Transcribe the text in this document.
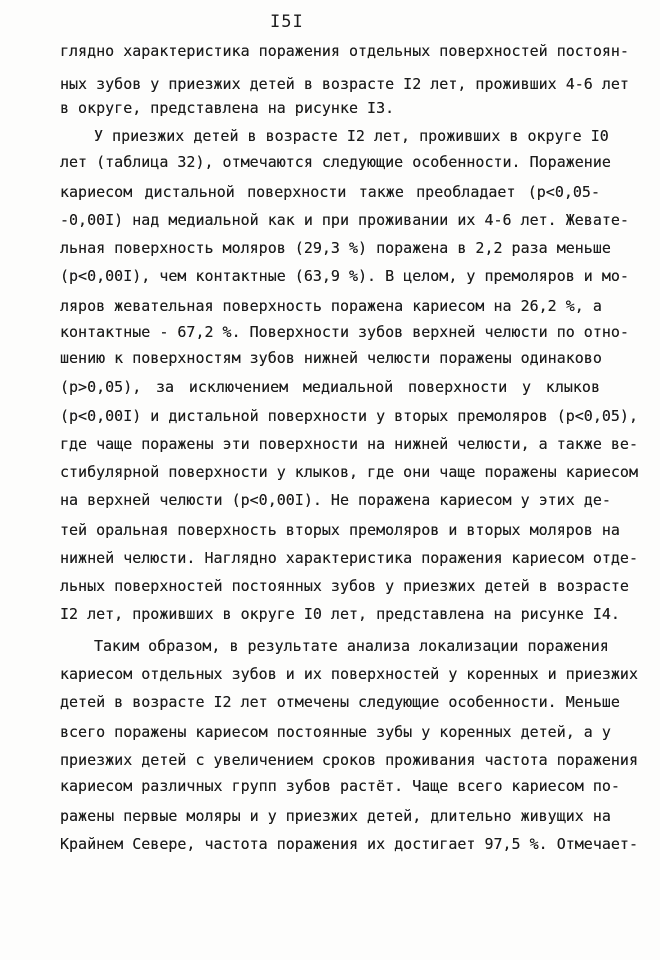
I5I
глядно характеристика поражения отдельных поверхностей постоян-
ных зубов у приезжих детей в возрасте I2 лет, проживших 4-6 лет
в округе, представлена на рисунке I3.
У приезжих детей в возрасте I2 лет, проживших в округе I0
лет (таблица 32), отмечаются следующие особенности. Поражение
кариесом дистальной поверхности также преобладает (р<0,05-
-0,00I) над медиальной как и при проживании их 4-6 лет. Жевате-
льная поверхность моляров (29,3 %) поражена в 2,2 раза меньше
(р<0,00I), чем контактные (63,9 %). В целом, у премоляров и мо-
ляров жевательная поверхность поражена кариесом на 26,2 %, а
контактные - 67,2 %. Поверхности зубов верхней челюсти по отно-
шению к поверхностям зубов нижней челюсти поражены одинаково
(р>0,05), за исключением медиальной поверхности у клыков
(р<0,00I) и дистальной поверхности у вторых премоляров (р<0,05),
где чаще поражены эти поверхности на нижней челюсти, а также ве-
стибулярной поверхности у клыков, где они чаще поражены кариесом
на верхней челюсти (р<0,00I). Не поражена кариесом у этих де-
тей оральная поверхность вторых премоляров и вторых моляров на
нижней челюсти. Наглядно характеристика поражения кариесом отде-
льных поверхностей постоянных зубов у приезжих детей в возрасте
I2 лет, проживших в округе I0 лет, представлена на рисунке I4.
Таким образом, в результате анализа локализации поражения
кариесом отдельных зубов и их поверхностей у коренных и приезжих
детей в возрасте I2 лет отмечены следующие особенности. Меньше
всего поражены кариесом постоянные зубы у коренных детей, а у
приезжих детей с увеличением сроков проживания частота поражения
кариесом различных групп зубов растёт. Чаще всего кариесом по-
ражены первые моляры и у приезжих детей, длительно живущих на
Крайнем Севере, частота поражения их достигает 97,5 %. Отмечает-
